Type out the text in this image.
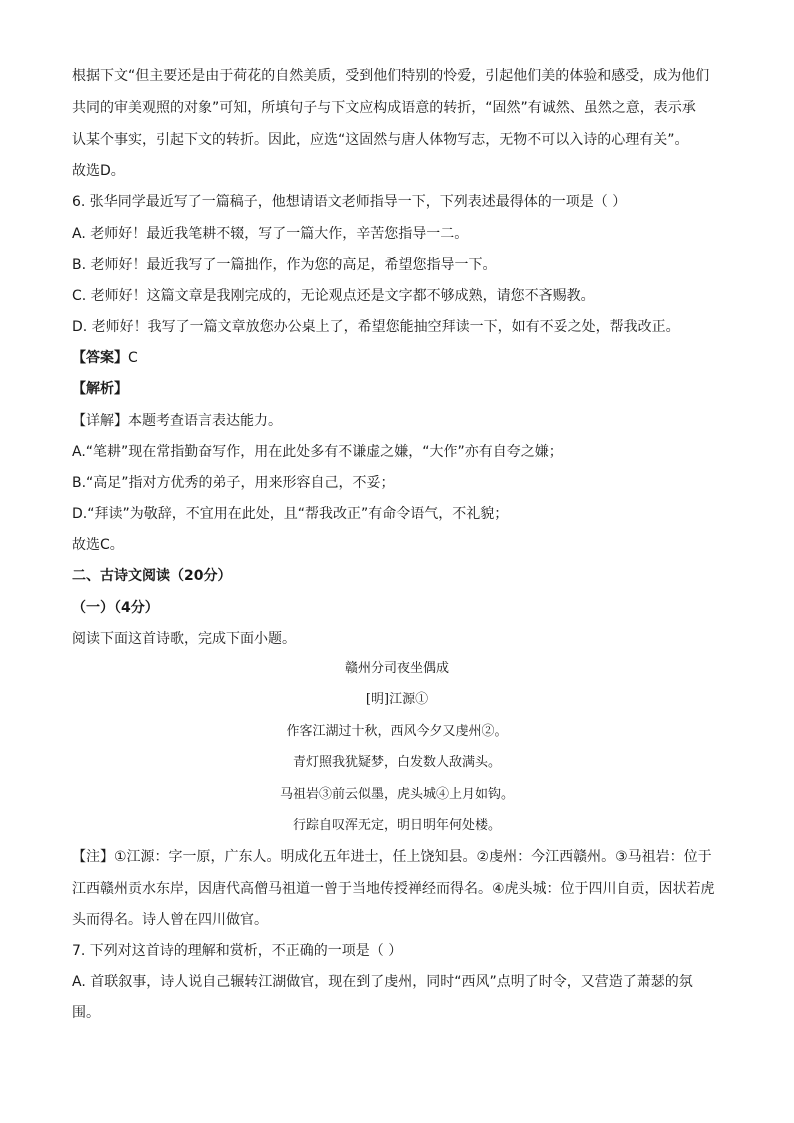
根据下文“但主要还是由于荷花的自然美质，受到他们特别的怜爱，引起他们美的体验和感受，成为他们
共同的审美观照的对象”可知，所填句子与下文应构成语意的转折，“固然”有诚然、虽然之意，表示承
认某个事实，引起下文的转折。因此，应选“这固然与唐人体物写志，无物不可以入诗的心理有关”。
故选D。
6. 张华同学最近写了一篇稿子，他想请语文老师指导一下，下列表述最得体的一项是（ ）
A. 老师好！最近我笔耕不辍，写了一篇大作，辛苦您指导一二。
B. 老师好！最近我写了一篇拙作，作为您的高足，希望您指导一下。
C. 老师好！这篇文章是我刚完成的，无论观点还是文字都不够成熟，请您不吝赐教。
D. 老师好！我写了一篇文章放您办公桌上了，希望您能抽空拜读一下，如有不妥之处，帮我改正。
【答案】C
【解析】
【详解】本题考查语言表达能力。
A.“笔耕”现在常指勤奋写作，用在此处多有不谦虚之嫌，“大作”亦有自夸之嫌；
B.“高足”指对方优秀的弟子，用来形容自己，不妥；
D.“拜读”为敬辞，不宜用在此处，且“帮我改正”有命令语气，不礼貌；
故选C。
二、古诗文阅读（20分）
（一）（4分）
阅读下面这首诗歌，完成下面小题。
赣州分司夜坐偶成
[明]江源①
作客江湖过十秋，西风今夕又虔州②。
青灯照我犹疑梦，白发数人敌满头。
马祖岩③前云似墨，虎头城④上月如钩。
行踪自叹浑无定，明日明年何处楼。
【注】①江源：字一原，广东人。明成化五年进士，任上饶知县。②虔州：今江西赣州。③马祖岩：位于
江西赣州贡水东岸，因唐代高僧马祖道一曾于当地传授禅经而得名。④虎头城：位于四川自贡，因状若虎
头而得名。诗人曾在四川做官。
7. 下列对这首诗的理解和赏析，不正确的一项是（ ）
A. 首联叙事，诗人说自己辗转江湖做官，现在到了虔州，同时“西风”点明了时令，又营造了萧瑟的氛
围。
